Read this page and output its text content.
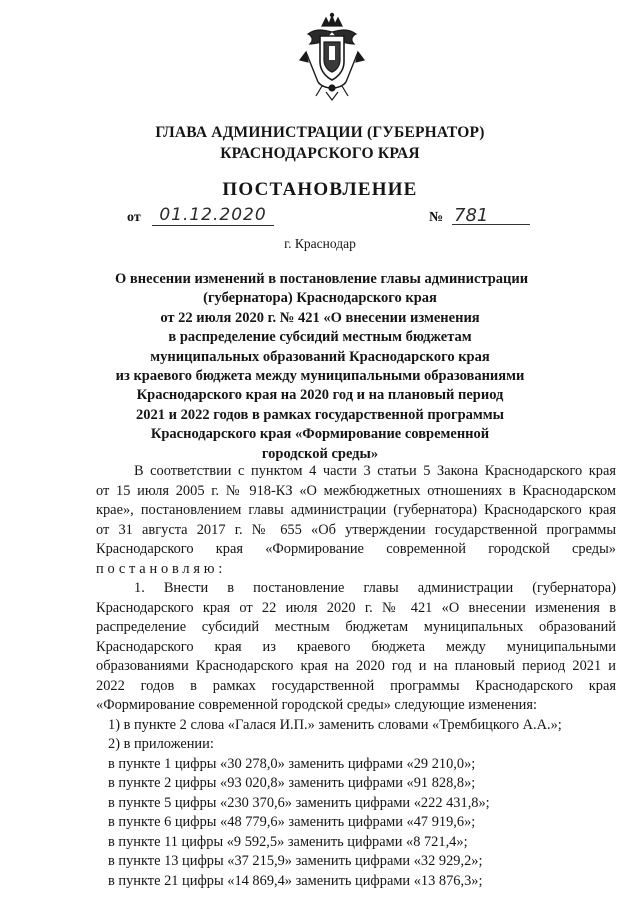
ГЛАВА АДМИНИСТРАЦИИ (ГУБЕРНАТОР)
КРАСНОДАРСКОГО КРАЯ
ПОСТАНОВЛЕНИЕ
от	01.12.2020	№ 781
г. Краснодар
О внесении изменений в постановление главы администрации
(губернатора) Краснодарского края
от 22 июля 2020 г. № 421 «О внесении изменения
в распределение субсидий местным бюджетам
муниципальных образований Краснодарского края
из краевого бюджета между муниципальными образованиями
Краснодарского края на 2020 год и на плановый период
2021 и 2022 годов в рамках государственной программы
Краснодарского края «Формирование современной
городской среды»
В соответствии с пунктом 4 части 3 статьи 5 Закона Краснодарского края
от 15 июля 2005 г. № 918-КЗ «О межбюджетных отношениях в Краснодарском
крае», постановлением главы администрации (губернатора) Краснодарского края
от 31 августа 2017 г. № 655 «Об утверждении государственной программы
Краснодарского края «Формирование современной городской среды»
постановляю:
1. Внести в постановление главы администрации (губернатора)
Краснодарского края от 22 июля 2020 г. № 421 «О внесении изменения в
распределение субсидий местным бюджетам муниципальных образований
Краснодарского края из краевого бюджета между муниципальными
образованиями Краснодарского края на 2020 год и на плановый период 2021 и
2022 годов в рамках государственной программы Краснодарского края
«Формирование современной городской среды» следующие изменения:
1) в пункте 2 слова «Галася И.П.» заменить словами «Трембицкого А.А.»;
2) в приложении:
в пункте 1 цифры «30 278,0» заменить цифрами «29 210,0»;
в пункте 2 цифры «93 020,8» заменить цифрами «91 828,8»;
в пункте 5 цифры «230 370,6» заменить цифрами «222 431,8»;
в пункте 6 цифры «48 779,6» заменить цифрами «47 919,6»;
в пункте 11 цифры «9 592,5» заменить цифрами «8 721,4»;
в пункте 13 цифры «37 215,9» заменить цифрами «32 929,2»;
в пункте 21 цифры «14 869,4» заменить цифрами «13 876,3»;
